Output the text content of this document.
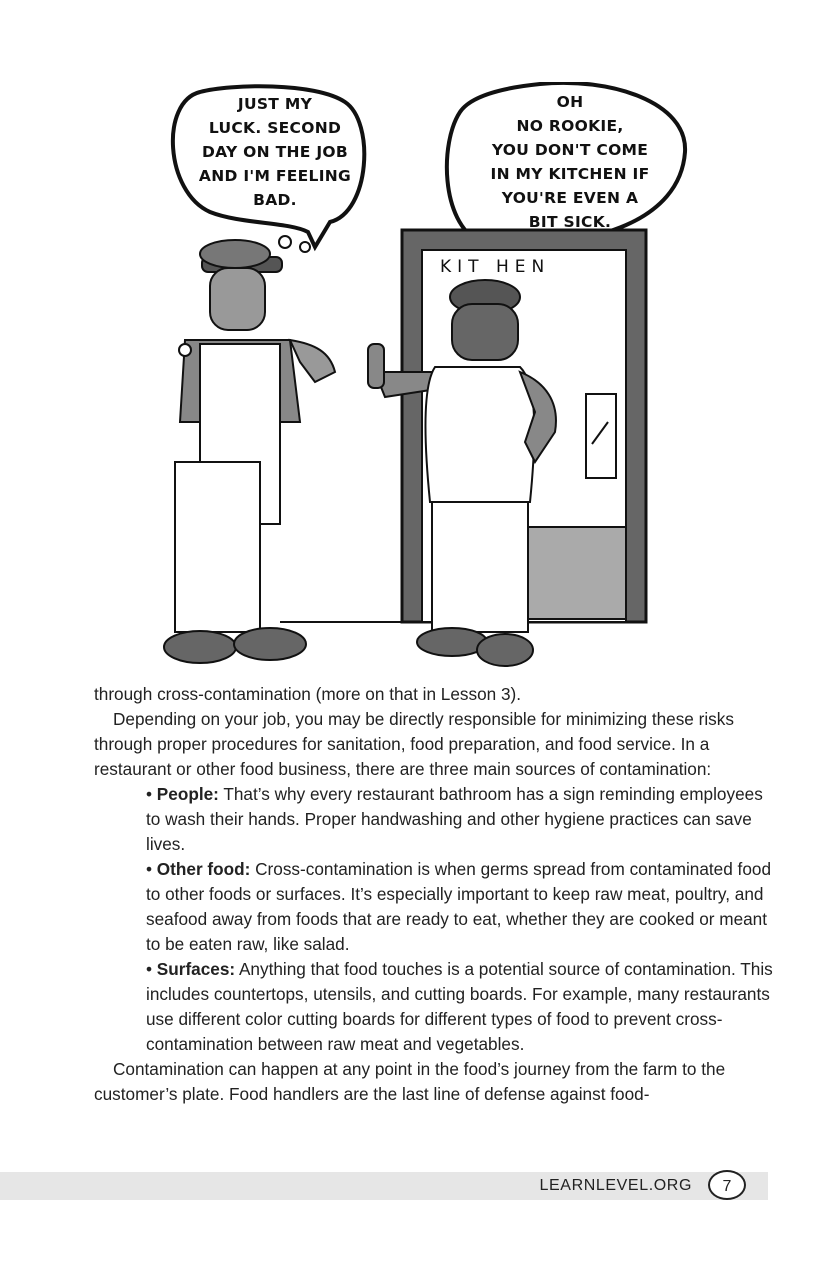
KIT HEN
JUST MY
LUCK. SECOND
DAY ON THE JOB
AND I'M FEELING
BAD.
OH
NO ROOKIE,
YOU DON'T COME
IN MY KITCHEN IF
YOU'RE EVEN A
BIT SICK.

through cross-contamination (more on that in Lesson 3).

Depending on your job, you may be directly responsible for minimizing these risks through proper procedures for sanitation, food preparation, and food service. In a restaurant or other food business, there are three main sources of contamination:

• People: That’s why every restaurant bathroom has a sign reminding employees to wash their hands. Proper handwashing and other hygiene practices can save lives.
• Other food: Cross-contamination is when germs spread from contaminated food to other foods or surfaces. It’s especially important to keep raw meat, poultry, and seafood away from foods that are ready to eat, whether they are cooked or meant to be eaten raw, like salad.
• Surfaces: Anything that food touches is a potential source of contamination. This includes countertops, utensils, and cutting boards. For example, many restaurants use different color cutting boards for different types of food to prevent cross-contamination between raw meat and vegetables.

Contamination can happen at any point in the food’s journey from the farm to the customer’s plate. Food handlers are the last line of defense against food-

LEARNLEVEL.ORG	7
